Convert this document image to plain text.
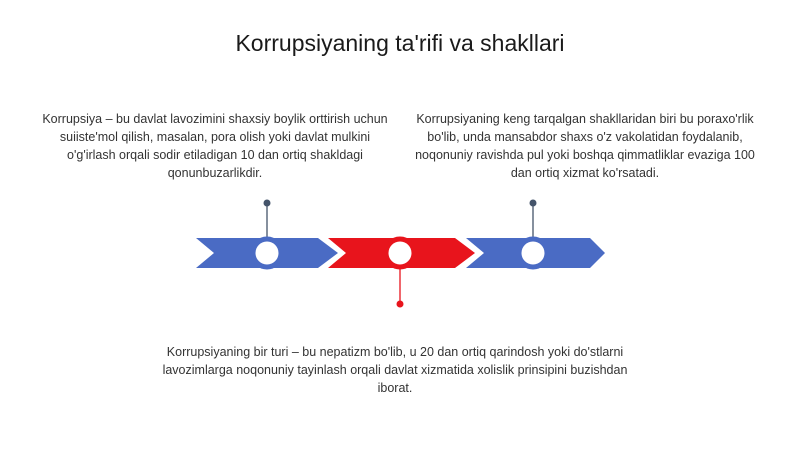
Korrupsiyaning ta'rifi va shakllari
Korrupsiya – bu davlat lavozimini shaxsiy boylik orttirish uchun suiiste'mol qilish, masalan, pora olish yoki davlat mulkini o'g'irlash orqali sodir etiladigan 10 dan ortiq shakldagi qonunbuzarlikdir.
Korrupsiyaning keng tarqalgan shakllaridan biri bu poraxo'rlik bo'lib, unda mansabdor shaxs o'z vakolatidan foydalanib, noqonuniy ravishda pul yoki boshqa qimmatliklar evaziga 100 dan ortiq xizmat ko'rsatadi.
Korrupsiyaning bir turi – bu nepatizm bo'lib, u 20 dan ortiq qarindosh yoki do'stlarni lavozimlarga noqonuniy tayinlash orqali davlat xizmatida xolislik prinsipini buzishdan iborat.
